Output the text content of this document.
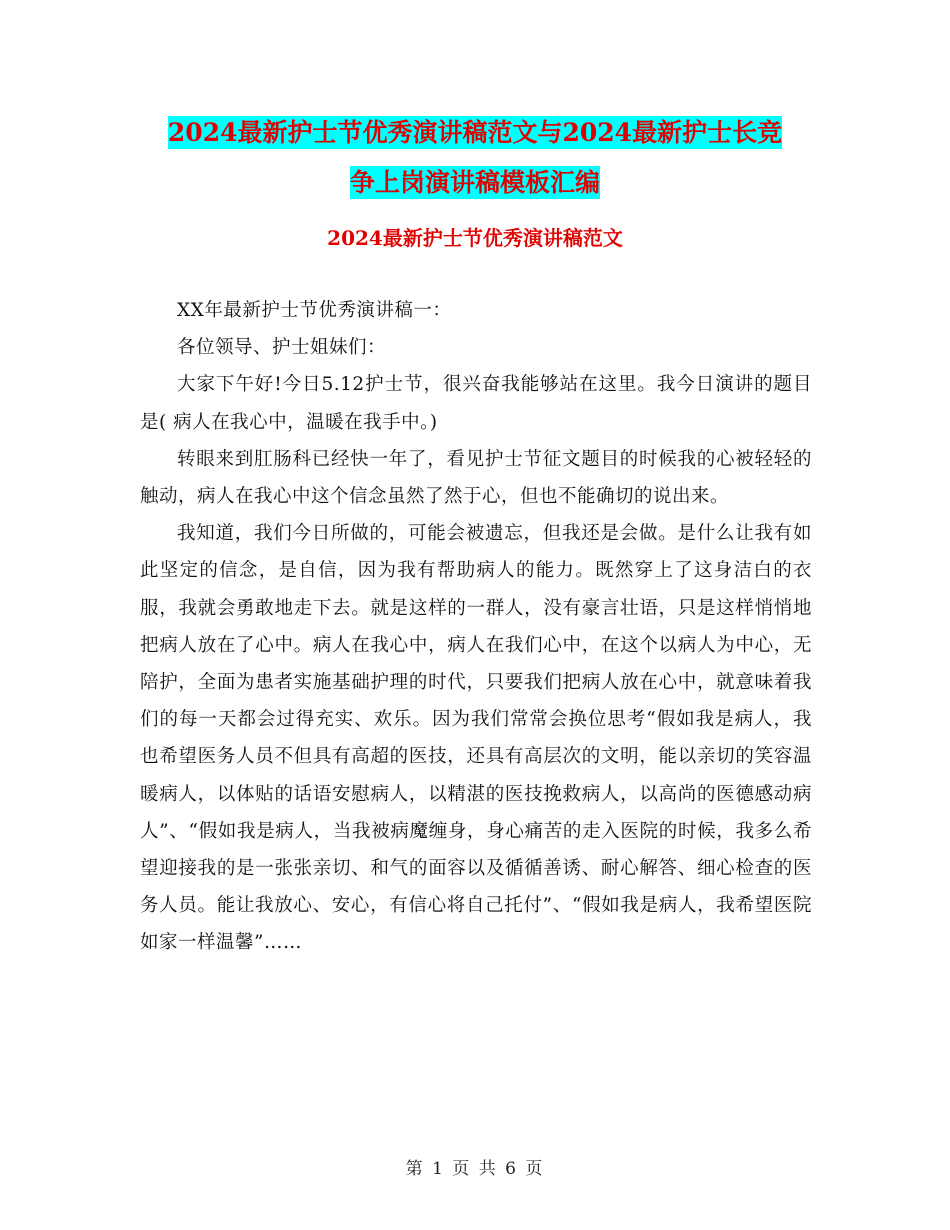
2024最新护士节优秀演讲稿范文与2024最新护士长竞
争上岗演讲稿模板汇编
2024最新护士节优秀演讲稿范文

XX年最新护士节优秀演讲稿一：

各位领导、护士姐妹们：

大家下午好!今日5.12护士节，很兴奋我能够站在这里。我今日演讲的题目是( 病人在我心中，温暖在我手中。)

转眼来到肛肠科已经快一年了，看见护士节征文题目的时候我的心被轻轻的触动，病人在我心中这个信念虽然了然于心，但也不能确切的说出来。

我知道，我们今日所做的，可能会被遗忘，但我还是会做。是什么让我有如此坚定的信念，是自信，因为我有帮助病人的能力。既然穿上了这身洁白的衣服，我就会勇敢地走下去。就是这样的一群人，没有豪言壮语，只是这样悄悄地把病人放在了心中。病人在我心中，病人在我们心中，在这个以病人为中心，无陪护，全面为患者实施基础护理的时代，只要我们把病人放在心中，就意味着我们的每一天都会过得充实、欢乐。因为我们常常会换位思考“假如我是病人，我也希望医务人员不但具有高超的医技，还具有高层次的文明，能以亲切的笑容温暖病人，以体贴的话语安慰病人，以精湛的医技挽救病人，以高尚的医德感动病人”、“假如我是病人，当我被病魔缠身，身心痛苦的走入医院的时候，我多么希望迎接我的是一张张亲切、和气的面容以及循循善诱、耐心解答、细心检查的医务人员。能让我放心、安心，有信心将自己托付”、“假如我是病人，我希望医院如家一样温馨”……

第 1 页 共 6 页
